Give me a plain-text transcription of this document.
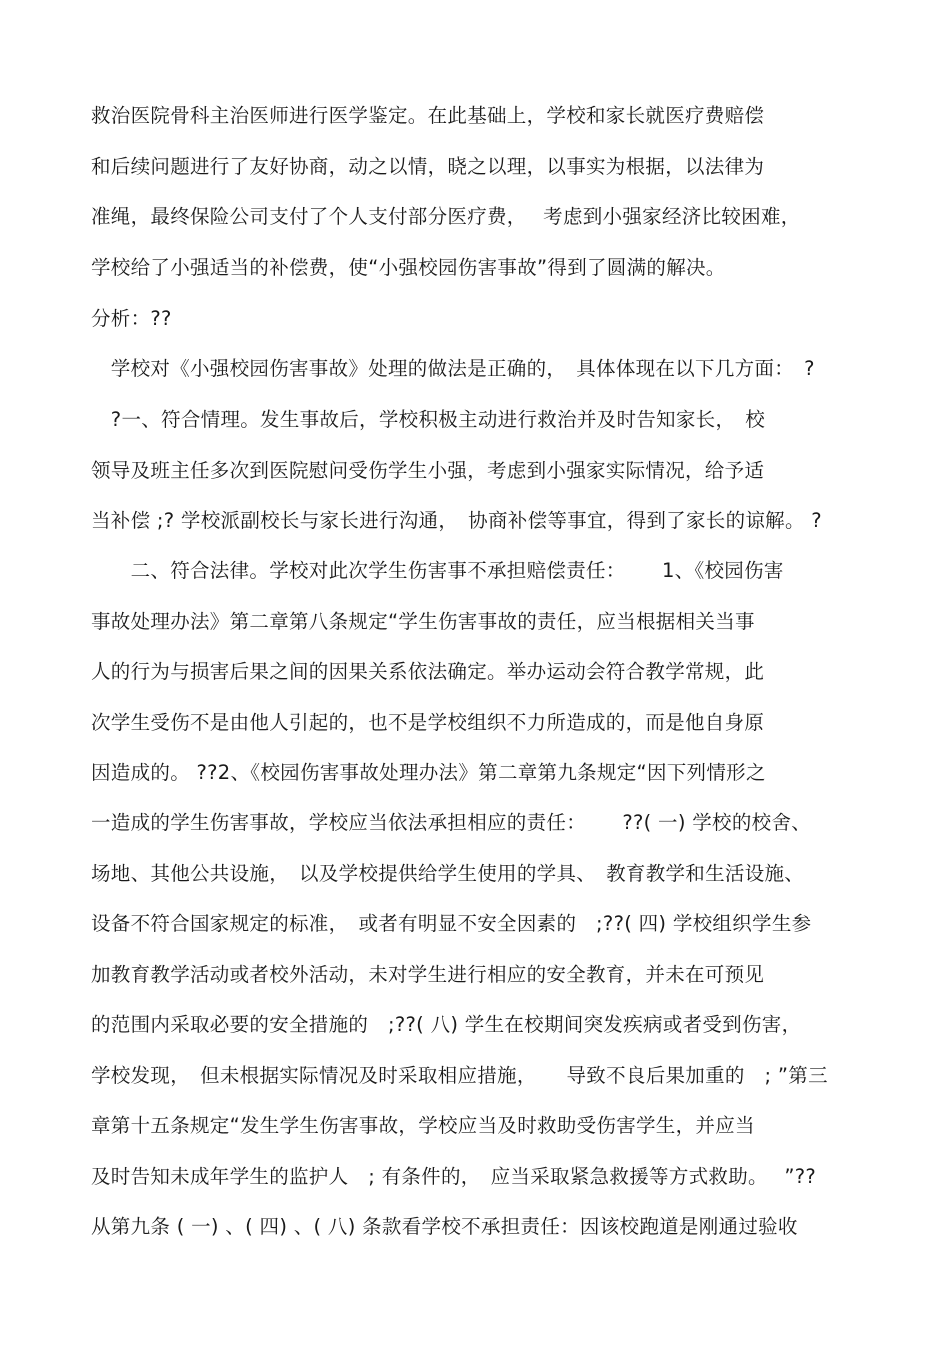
救治医院骨科主治医师进行医学鉴定。在此基础上，学校和家长就医疗费赔偿
和后续问题进行了友好协商，动之以情，晓之以理，以事实为根据，以法律为
准绳，最终保险公司支付了个人支付部分医疗费，　 考虑到小强家经济比较困难，
学校给了小强适当的补偿费，使“小强校园伤害事故”得到了圆满的解决。
分析：??
　学校对《小强校园伤害事故》处理的做法是正确的，　具体体现在以下几方面：　?
　?一、符合情理。发生事故后，学校积极主动进行救治并及时告知家长，　校
领导及班主任多次到医院慰问受伤学生小强，考虑到小强家实际情况，给予适
当补偿 ;? 学校派副校长与家长进行沟通，　协商补偿等事宜，得到了家长的谅解。 ?
　　二、符合法律。学校对此次学生伤害事不承担赔偿责任：　　 1、《校园伤害
事故处理办法》第二章第八条规定“学生伤害事故的责任，应当根据相关当事
人的行为与损害后果之间的因果关系依法确定。举办运动会符合教学常规，此
次学生受伤不是由他人引起的，也不是学校组织不力所造成的，而是他自身原
因造成的。 ??2、《校园伤害事故处理办法》第二章第九条规定“因下列情形之
一造成的学生伤害事故，学校应当依法承担相应的责任：　　 ??( 一) 学校的校舍、
场地、其他公共设施，　以及学校提供给学生使用的学具、　教育教学和生活设施、
设备不符合国家规定的标准，　或者有明显不安全因素的　;??( 四) 学校组织学生参
加教育教学活动或者校外活动，未对学生进行相应的安全教育，并未在可预见
的范围内采取必要的安全措施的　;??( 八) 学生在校期间突发疾病或者受到伤害，
学校发现，　但未根据实际情况及时采取相应措施，　　导致不良后果加重的　; ”第三
章第十五条规定“发生学生伤害事故，学校应当及时救助受伤害学生，并应当
及时告知未成年学生的监护人　; 有条件的，　应当采取紧急救援等方式救助。　 ”??
从第九条 ( 一) 、( 四) 、( 八) 条款看学校不承担责任：因该校跑道是刚通过验收
